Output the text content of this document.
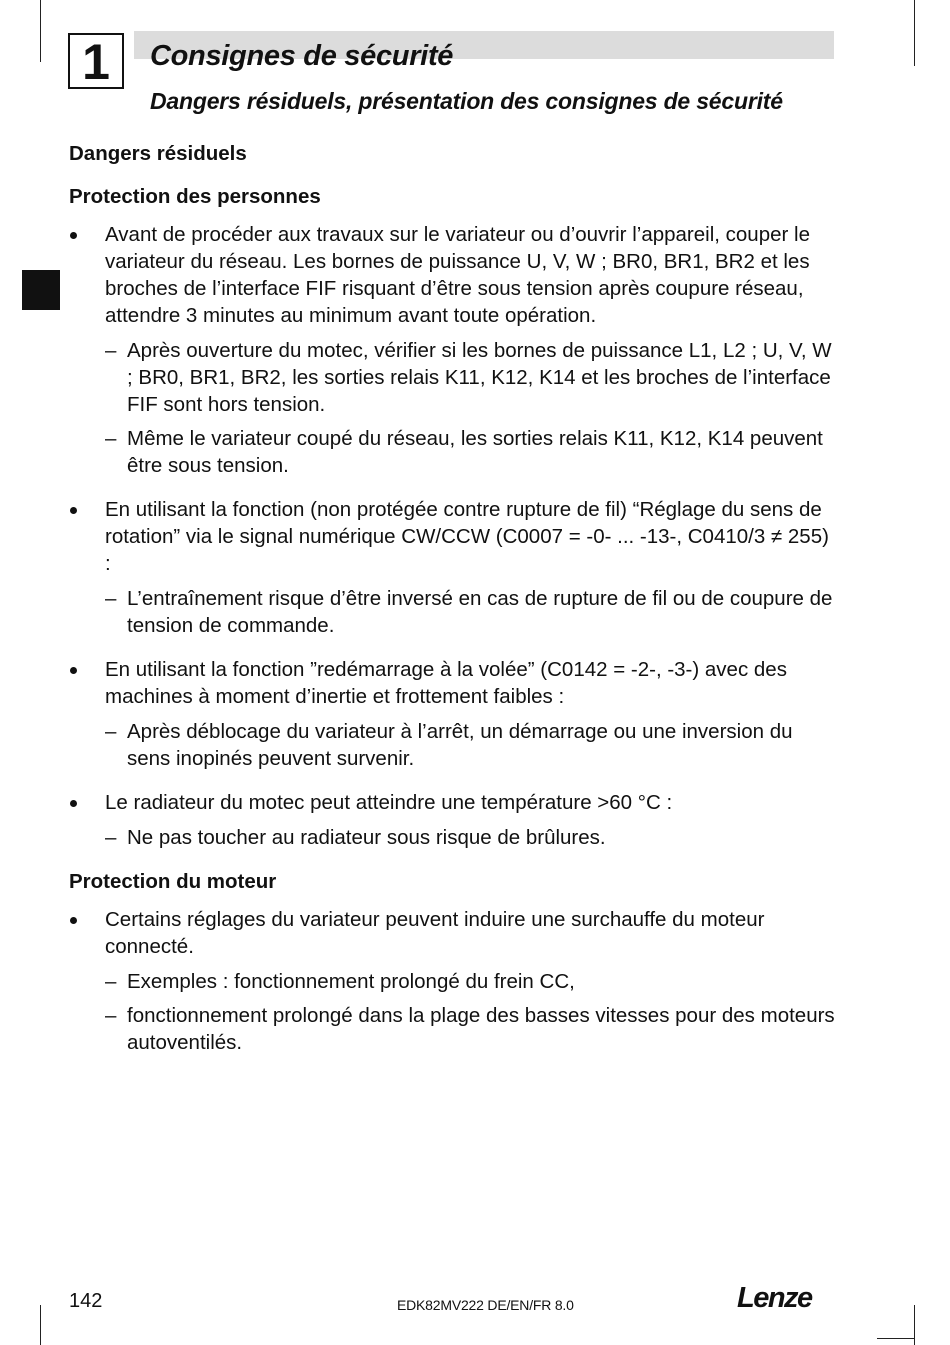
1	Consignes de sécurité
Dangers résiduels, présentation des consignes de sécurité
Dangers résiduels
Protection des personnes
Avant de procéder aux travaux sur le variateur ou d’ouvrir l’appareil, couper le variateur du réseau. Les bornes de puissance U, V, W ; BR0, BR1, BR2 et les broches de l’interface FIF risquant d’être sous tension après coupure réseau, attendre 3 minutes au minimum avant toute opération.
– Après ouverture du motec, vérifier si les bornes de puissance L1, L2 ; U, V, W ; BR0, BR1, BR2, les sorties relais K11, K12, K14 et les broches de l’interface FIF sont hors tension.
– Même le variateur coupé du réseau, les sorties relais K11, K12, K14 peuvent être sous tension.
En utilisant la fonction (non protégée contre rupture de fil) “Réglage du sens de rotation” via le signal numérique CW/CCW (C0007 = -0- ... -13-, C0410/3 ≠ 255) :
– L’entraînement risque d’être inversé en cas de rupture de fil ou de coupure de tension de commande.
En utilisant la fonction ”redémarrage à la volée” (C0142 = -2-, -3-) avec des machines à moment d’inertie et frottement faibles :
– Après déblocage du variateur à l’arrêt, un démarrage ou une inversion du sens inopinés peuvent survenir.
Le radiateur du motec peut atteindre une température >60 °C :
– Ne pas toucher au radiateur sous risque de brûlures.
Protection du moteur
Certains réglages du variateur peuvent induire une surchauffe du moteur connecté.
– Exemples : fonctionnement prolongé du frein CC,
– fonctionnement prolongé dans la plage des basses vitesses pour des moteurs autoventilés.
142	EDK82MV222 DE/EN/FR 8.0	Lenze
